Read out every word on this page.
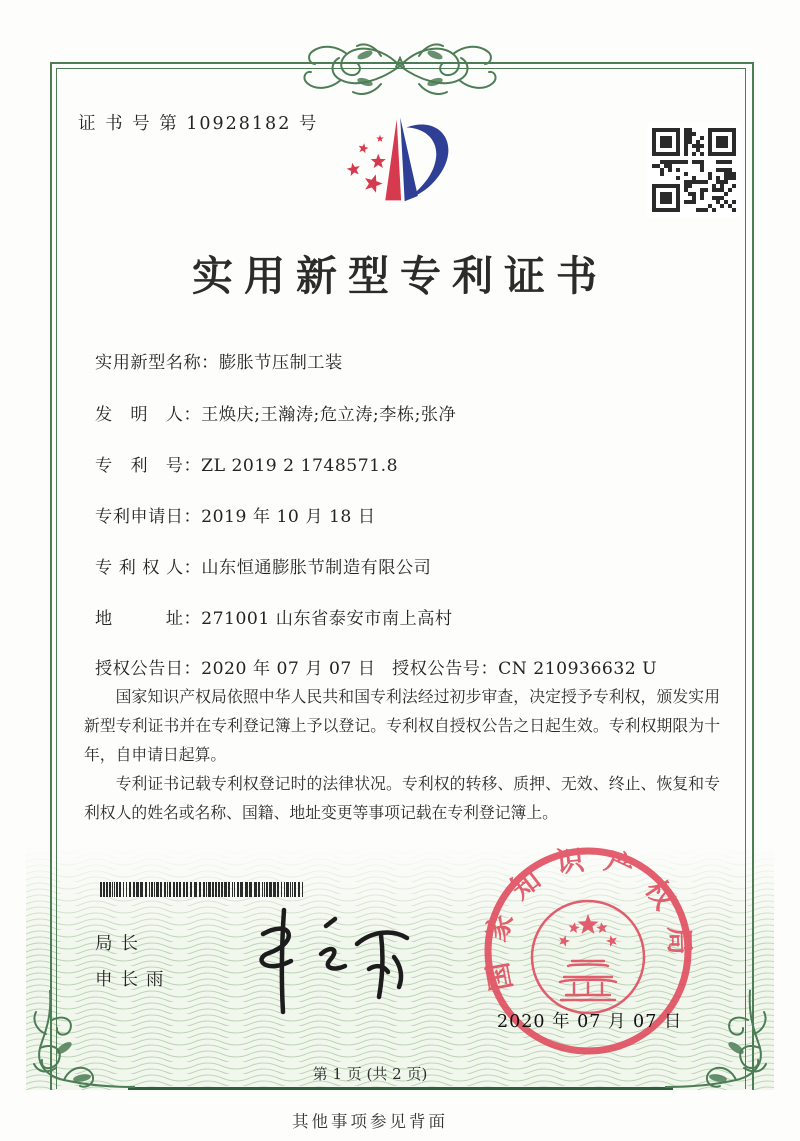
证 书 号 第 10928182 号
实用新型专利证书
实用新型名称：膨胀节压制工装
发　明　人：王焕庆;王瀚涛;危立涛;李栋;张净
专　利　号：ZL 2019 2 1748571.8
专利申请日：2019 年 10 月 18 日
专 利 权 人：山东恒通膨胀节制造有限公司
地　　　址：271001 山东省泰安市南上高村
授权公告日：2020 年 07 月 07 日 授权公告号：CN 210936632 U

国家知识产权局依照中华人民共和国专利法经过初步审查，决定授予专利权，颁发实用新型专利证书并在专利登记簿上予以登记。专利权自授权公告之日起生效。专利权期限为十年，自申请日起算。

专利证书记载专利权登记时的法律状况。专利权的转移、质押、无效、终止、恢复和专利权人的姓名或名称、国籍、地址变更等事项记载在专利登记簿上。

局长
申长雨	国家知识产权局
2020 年 07 月 07 日
第 1 页 (共 2 页)
其他事项参见背面
